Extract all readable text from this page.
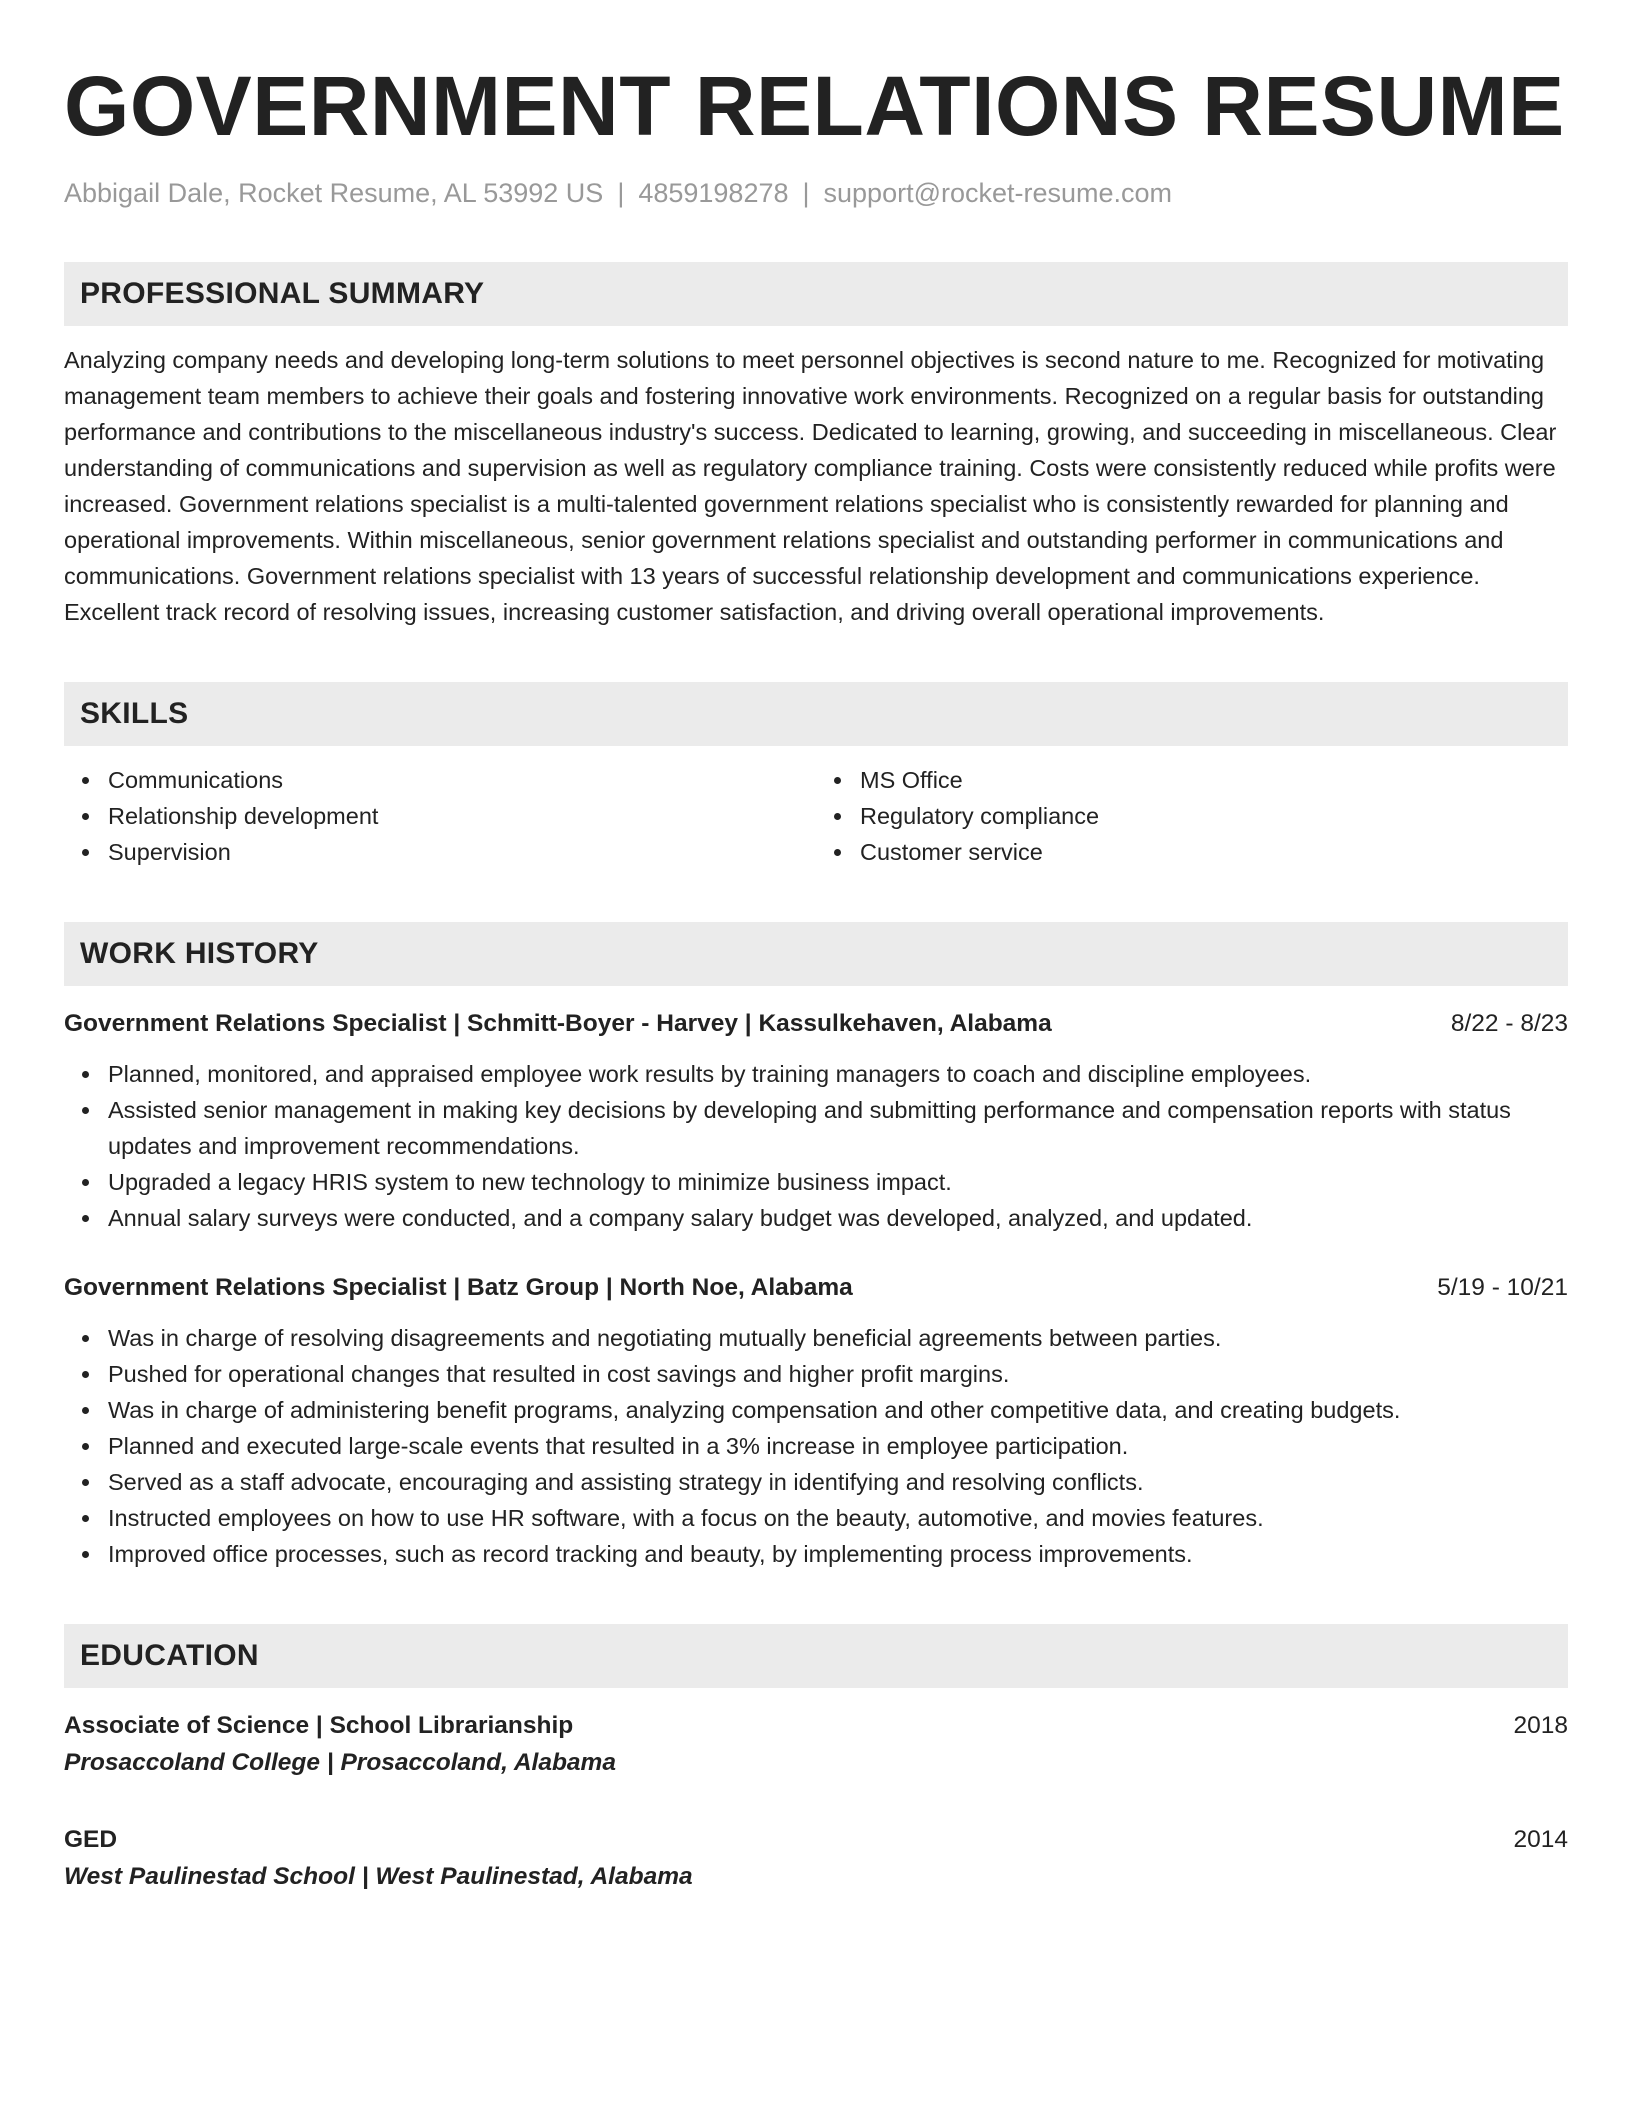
GOVERNMENT RELATIONS RESUME
Abbigail Dale, Rocket Resume, AL 53992 US | 4859198278 | support@rocket-resume.com
PROFESSIONAL SUMMARY

Analyzing company needs and developing long-term solutions to meet personnel objectives is second nature to me. Recognized for motivating management team members to achieve their goals and fostering innovative work environments. Recognized on a regular basis for outstanding performance and contributions to the miscellaneous industry's success. Dedicated to learning, growing, and succeeding in miscellaneous. Clear understanding of communications and supervision as well as regulatory compliance training. Costs were consistently reduced while profits were increased. Government relations specialist is a multi-talented government relations specialist who is consistently rewarded for planning and operational improvements. Within miscellaneous, senior government relations specialist and outstanding performer in communications and communications. Government relations specialist with 13 years of successful relationship development and communications experience. Excellent track record of resolving issues, increasing customer satisfaction, and driving overall operational improvements.

SKILLS
Communications
Relationship development
Supervision
MS Office
Regulatory compliance
Customer service
WORK HISTORY
Government Relations Specialist | Schmitt-Boyer - Harvey | Kassulkehaven, Alabama	8/22 - 8/23
Planned, monitored, and appraised employee work results by training managers to coach and discipline employees.
Assisted senior management in making key decisions by developing and submitting performance and compensation reports with status updates and improvement recommendations.
Upgraded a legacy HRIS system to new technology to minimize business impact.
Annual salary surveys were conducted, and a company salary budget was developed, analyzed, and updated.
Government Relations Specialist | Batz Group | North Noe, Alabama	5/19 - 10/21
Was in charge of resolving disagreements and negotiating mutually beneficial agreements between parties.
Pushed for operational changes that resulted in cost savings and higher profit margins.
Was in charge of administering benefit programs, analyzing compensation and other competitive data, and creating budgets.
Planned and executed large-scale events that resulted in a 3% increase in employee participation.
Served as a staff advocate, encouraging and assisting strategy in identifying and resolving conflicts.
Instructed employees on how to use HR software, with a focus on the beauty, automotive, and movies features.
Improved office processes, such as record tracking and beauty, by implementing process improvements.
EDUCATION
Associate of Science | School Librarianship	2018
Prosaccoland College | Prosaccoland, Alabama
GED	2014
West Paulinestad School | West Paulinestad, Alabama
